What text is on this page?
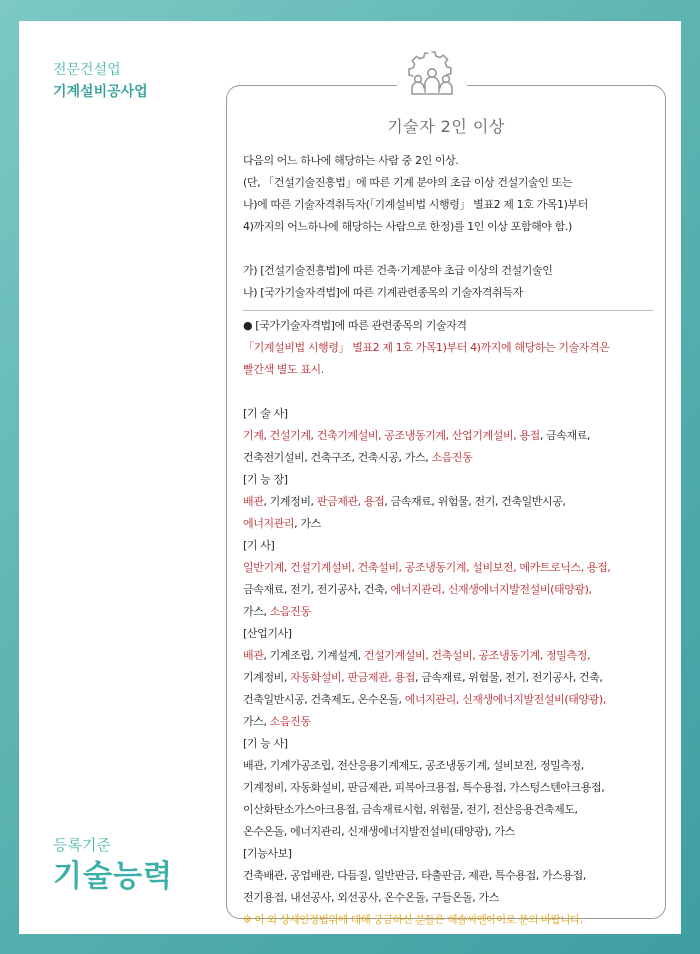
전문건설업
기계설비공사업
등록기준
기술능력
기술자 2인 이상

다음의 어느 하나에 해당하는 사람 중 2인 이상.

(단, 「건설기술진흥법」에 따른 기계 분야의 초급 이상 건설기술인 또는

나)에 따른 기술자격취득자(「기계설비법 시행령」 별표2 제 1호 가목1)부터

4)까지의 어느하나에 해당하는 사람으로 한정)를 1인 이상 포함해야 함.)

가) [건설기술진흥법]에 따른 건축·기계분야 초급 이상의 건설기술인

나) [국가기술자격법]에 따른 기계관련종목의 기술자격취득자

● [국가기술자격법]에 따른 관련종목의 기술자격

「기계설비법 시행령」 별표2 제 1호 가목1)부터 4)까지에 해당하는 기술자격은

빨간색 별도 표시.

[기 술 사]

기계, 건설기계, 건축기계설비, 공조냉동기계, 산업기계설비, 용접, 금속재료,

건축전기설비, 건축구조, 건축시공, 가스, 소음진동

[기 능 장]

배관, 기계정비, 판금제관, 용접, 금속재료, 위험물, 전기, 건축일반시공,

에너지관리, 가스

[기 사]

일반기계, 건설기계설비, 건축설비, 공조냉동기계, 설비보전, 메카트로닉스, 용접,

금속재료, 전기, 전기공사, 건축, 에너지관리, 신재생에너지발전설비(태양광),

가스, 소음진동

[산업기사]

배관, 기계조립, 기계설계, 건설기계설비, 건축설비, 공조냉동기계, 정밀측정,

기계정비, 자동화설비, 판금제관, 용접, 금속재료, 위험물, 전기, 전기공사, 건축,

건축일반시공, 건축제도, 온수온돌, 에너지관리, 신재생에너지발전설비(태양광),

가스, 소음진동

[기 능 사]

배관, 기계가공조립, 전산응용기계제도, 공조냉동기계, 설비보전, 정밀측정,

기계정비, 자동화설비, 판금제관, 피복아크용접, 특수용접, 가스텅스텐아크용접,

이산화탄소가스아크용접, 금속재료시험, 위험물, 전기, 전산응용건축제도,

온수온돌, 에너지관리, 신재생에너지발전설비(태양광), 가스

[기능사보]

건축배관, 공업배관, 다듬질, 일반판금, 타출판금, 제관, 특수용접, 가스용접,

전기용접, 내선공사, 외선공사, 온수온돌, 구들온돌, 가스

※ 이 외 상세인정범위에 대해 궁금하신 분들은 해솔씨앤아이로 문의 바랍니다.
